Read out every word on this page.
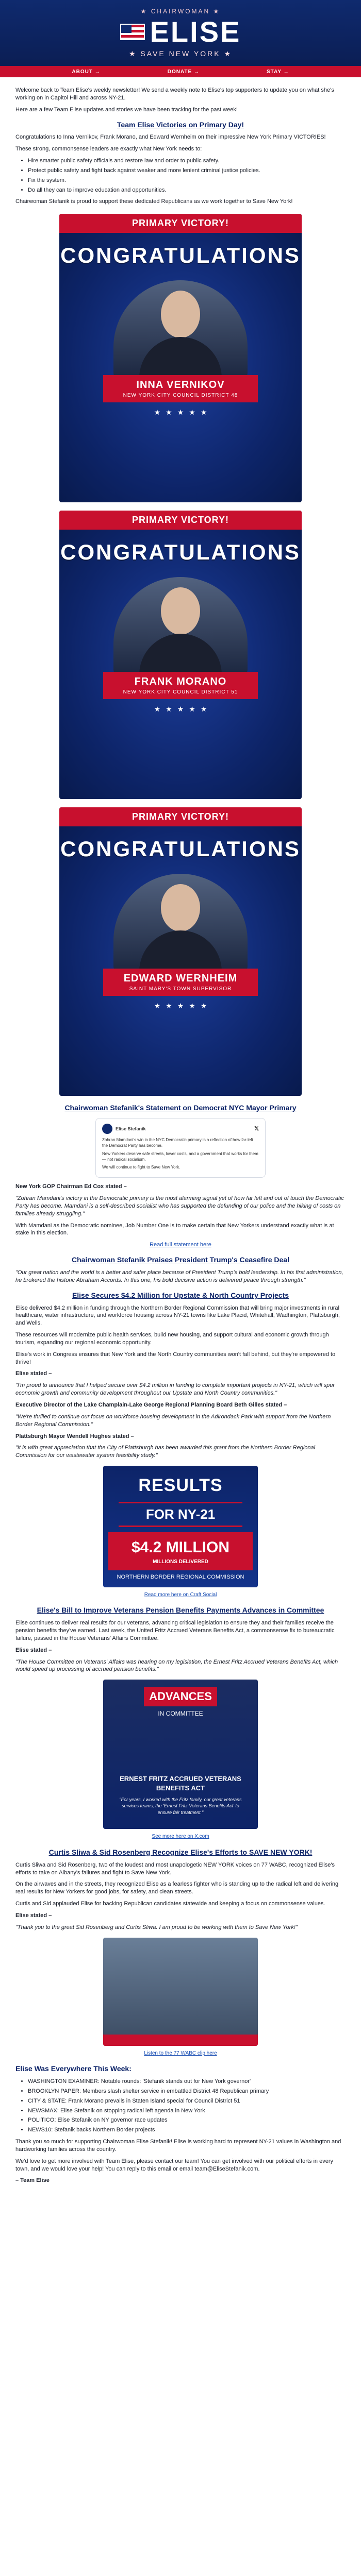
★ CHAIRWOMAN ★
ELISE
★ SAVE NEW YORK ★
ABOUT →	DONATE →	STAY →

Welcome back to Team Elise's weekly newsletter! We send a weekly note to Elise's top supporters to update you on what she's working on in Capitol Hill and across NY-21.

Here are a few Team Elise updates and stories we have been tracking for the past week!

Team Elise Victories on Primary Day!

Congratulations to Inna Vernikov, Frank Morano, and Edward Wernheim on their impressive New York Primary VICTORIES!

These strong, commonsense leaders are exactly what New York needs to:

• Hire smarter public safety officials and restore law and order to public safety.
• Protect public safety and fight back against weaker and more lenient criminal justice policies.
• Fix the system.
• Do all they can to improve education and opportunities.

Chairwoman Stefanik is proud to support these dedicated Republicans as we work together to Save New York!

PRIMARY VICTORY!
CONGRATULATIONS
INNA VERNIKOV
NEW YORK CITY COUNCIL DISTRICT 48
★ ★ ★ ★ ★
PRIMARY VICTORY!
CONGRATULATIONS
FRANK MORANO
NEW YORK CITY COUNCIL DISTRICT 51
★ ★ ★ ★ ★
PRIMARY VICTORY!
CONGRATULATIONS
EDWARD WERNHEIM
SAINT MARY'S TOWN SUPERVISOR
★ ★ ★ ★ ★
Chairwoman Stefanik's Statement on Democrat NYC Mayor Primary
Elise Stefanik	𝕏

Zohran Mamdani's win in the NYC Democratic primary is a reflection of how far-left the Democrat Party has become.

New Yorkers deserve safe streets, lower costs, and a government that works for them — not radical socialism.

We will continue to fight to Save New York.

New York GOP Chairman Ed Cox stated –

"Zohran Mamdani's victory in the Democratic primary is the most alarming signal yet of how far left and out of touch the Democratic Party has become. Mamdani is a self-described socialist who has supported the defunding of our police and the hiking of costs on families already struggling."

With Mamdani as the Democratic nominee, Job Number One is to make certain that New Yorkers understand exactly what is at stake in this election.

Read full statement here

Chairwoman Stefanik Praises President Trump's Ceasefire Deal

"Our great nation and the world is a better and safer place because of President Trump's bold leadership. In his first administration, he brokered the historic Abraham Accords. In this one, his bold decisive action is delivered peace through strength."

Elise Secures $4.2 Million for Upstate & North Country Projects

Elise delivered $4.2 million in funding through the Northern Border Regional Commission that will bring major investments in rural healthcare, water infrastructure, and workforce housing across NY-21 towns like Lake Placid, Whitehall, Wadhington, Plattsburgh, and Wells.

These resources will modernize public health services, build new housing, and support cultural and economic growth through tourism, expanding our regional economic opportunity.

Elise's work in Congress ensures that New York and the North Country communities won't fall behind, but they're empowered to thrive!

Elise stated –

"I'm proud to announce that I helped secure over $4.2 million in funding to complete important projects in NY-21, which will spur economic growth and community development throughout our Upstate and North Country communities."

Executive Director of the Lake Champlain-Lake George Regional Planning Board Beth Gilles stated –

"We're thrilled to continue our focus on workforce housing development in the Adirondack Park with support from the Northern Border Regional Commission."

Plattsburgh Mayor Wendell Hughes stated –

"It is with great appreciation that the City of Plattsburgh has been awarded this grant from the Northern Border Regional Commission for our wastewater system feasibility study."

RESULTS
FOR NY-21
$4.2 MILLION
MILLIONS DELIVERED
NORTHERN BORDER REGIONAL COMMISSION
Read more here on Craft Social
Elise's Bill to Improve Veterans Pension Benefits Payments Advances in Committee

Elise continues to deliver real results for our veterans, advancing critical legislation to ensure they and their families receive the pension benefits they've earned. Last week, the United Fritz Accrued Veterans Benefits Act, a commonsense fix to bureaucratic failure, passed in the House Veterans' Affairs Committee.

Elise stated –

"The House Committee on Veterans' Affairs was hearing on my legislation, the Ernest Fritz Accrued Veterans Benefits Act, which would speed up processing of accrued pension benefits."

ADVANCES
IN COMMITTEE
ERNEST FRITZ ACCRUED VETERANS BENEFITS ACT
"For years, I worked with the Fritz family, our great veterans services teams, the 'Ernest Fritz Veterans Benefits Act' to ensure fair treatment."
See more here on X.com
Curtis Sliwa & Sid Rosenberg Recognize Elise's Efforts to SAVE NEW YORK!

Curtis Sliwa and Sid Rosenberg, two of the loudest and most unapologetic NEW YORK voices on 77 WABC, recognized Elise's efforts to take on Albany's failures and fight to Save New York.

On the airwaves and in the streets, they recognized Elise as a fearless fighter who is standing up to the radical left and delivering real results for New Yorkers for good jobs, for safety, and clean streets.

Curtis and Sid applauded Elise for backing Republican candidates statewide and keeping a focus on commonsense values.

Elise stated –

"Thank you to the great Sid Rosenberg and Curtis Sliwa. I am proud to be working with them to Save New York!"

Listen to the 77 WABC clip here
Elise Was Everywhere This Week:
• WASHINGTON EXAMINER: Notable rounds: 'Stefanik stands out for New York governor'
• BROOKLYN PAPER: Members slash shelter service in embattled District 48 Republican primary
• CITY & STATE: Frank Morano prevails in Staten Island special for Council District 51
• NEWSMAX: Elise Stefanik on stopping radical left agenda in New York
• POLITICO: Elise Stefanik on NY governor race updates
• NEWS10: Stefanik backs Northern Border projects

Thank you so much for supporting Chairwoman Elise Stefanik! Elise is working hard to represent NY-21 values in Washington and hardworking families across the country.

We'd love to get more involved with Team Elise, please contact our team! You can get involved with our political efforts in every town, and we would love your help! You can reply to this email or email team@EliseStefanik.com.

– Team Elise
